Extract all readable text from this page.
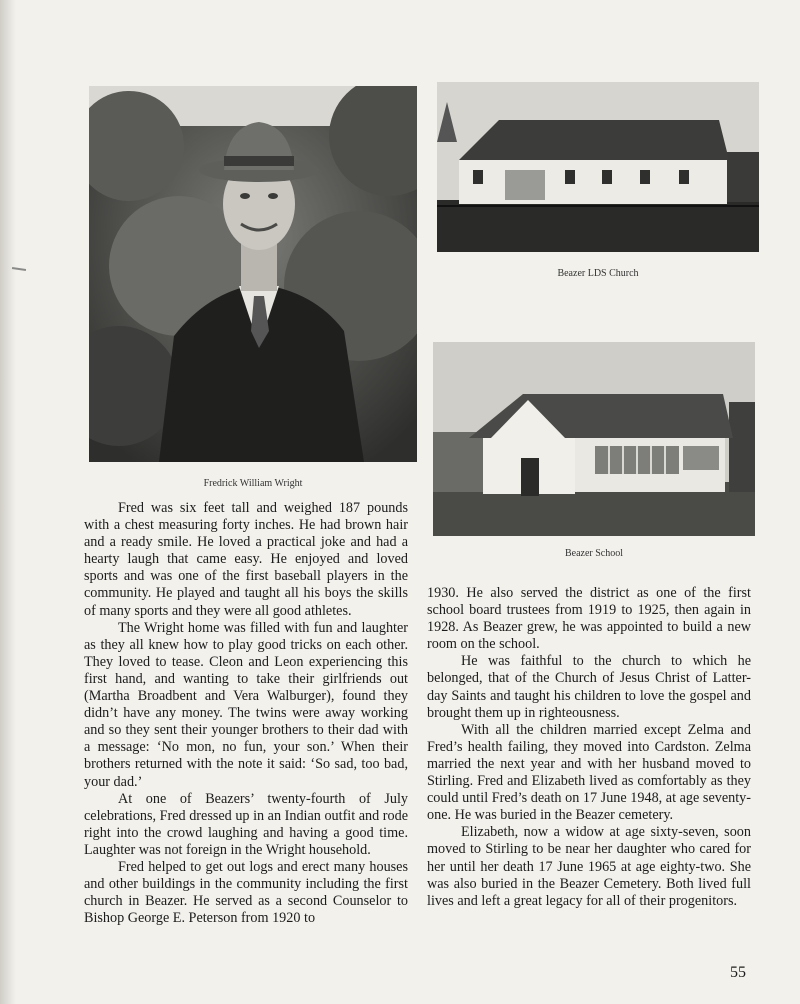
Fredrick William Wright
Beazer LDS Church
Beazer School

Fred was six feet tall and weighed 187 pounds with a chest measuring forty inches. He had brown hair and a ready smile. He loved a practical joke and had a hearty laugh that came easy. He enjoyed and loved sports and was one of the first baseball players in the community. He played and taught all his boys the skills of many sports and they were all good athletes.

The Wright home was filled with fun and laughter as they all knew how to play good tricks on each other. They loved to tease. Cleon and Leon experiencing this first hand, and wanting to take their girlfriends out (Martha Broadbent and Vera Walburger), found they didn’t have any money. The twins were away working and so they sent their younger brothers to their dad with a message: ‘No mon, no fun, your son.’ When their brothers returned with the note it said: ‘So sad, too bad, your dad.’

At one of Beazers’ twenty-fourth of July celebrations, Fred dressed up in an Indian outfit and rode right into the crowd laughing and having a good time. Laughter was not foreign in the Wright household.

Fred helped to get out logs and erect many houses and other buildings in the community including the first church in Beazer. He served as a second Counselor to Bishop George E. Peterson from 1920 to

1930. He also served the district as one of the first school board trustees from 1919 to 1925, then again in 1928. As Beazer grew, he was appointed to build a new room on the school.

He was faithful to the church to which he belonged, that of the Church of Jesus Christ of Latter-day Saints and taught his children to love the gospel and brought them up in righteousness.

With all the children married except Zelma and Fred’s health failing, they moved into Cardston. Zelma married the next year and with her husband moved to Stirling. Fred and Elizabeth lived as comfortably as they could until Fred’s death on 17 June 1948, at age seventy-one. He was buried in the Beazer cemetery.

Elizabeth, now a widow at age sixty-seven, soon moved to Stirling to be near her daughter who cared for her until her death 17 June 1965 at age eighty-two. She was also buried in the Beazer Cemetery. Both lived full lives and left a great legacy for all of their progenitors.

55
